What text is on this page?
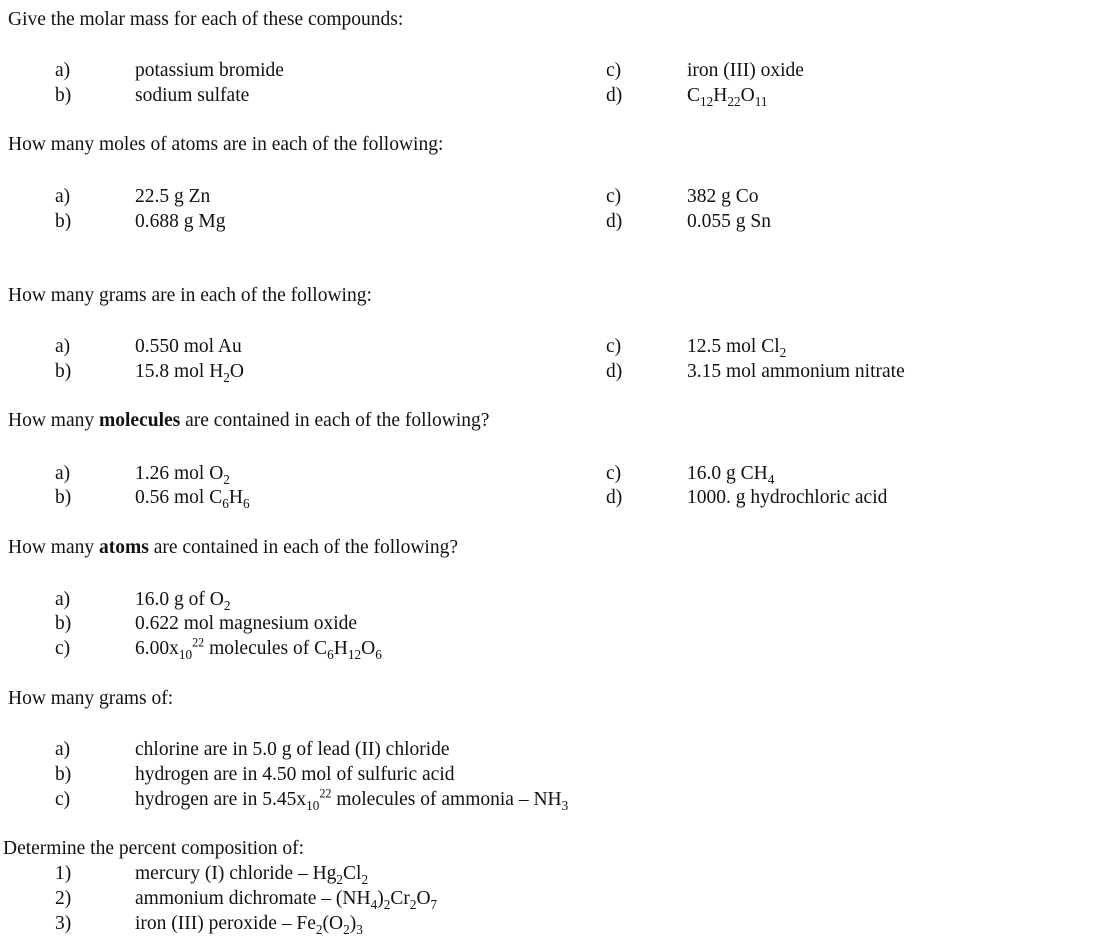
Give the molar mass for each of these compounds:
a)	potassium bromide
b)	sodium sulfate
c)	iron (III) oxide
d)	$C_{12}H_{22}O_{11}$
How many moles of atoms are in each of the following:
a)	22.5 g Zn
b)	0.688 g Mg
c)	382 g Co
d)	0.055 g Sn
How many grams are in each of the following:
a)	0.550 mol Au
b)	15.8 mol $H_2O$
c)	12.5 mol $Cl_2$
d)	3.15 mol ammonium nitrate
How many molecules are contained in each of the following?
a)	1.26 mol $O_2$
b)	0.56 mol $C_6H_6$
c)	16.0 g $CH_4$
d)	1000. g hydrochloric acid
How many atoms are contained in each of the following?
a)	16.0 g of $O_2$
b)	0.622 mol magnesium oxide
c)	$6.00x_{10}^{22}$ molecules of $C_6H_{12}O_6$
How many grams of:
a)	chlorine are in 5.0 g of lead (II) chloride
b)	hydrogen are in 4.50 mol of sulfuric acid
c)	hydrogen are in $5.45x_{10}^{22}$ molecules of ammonia – $NH_3$
Determine the percent composition of:
1)	mercury (I) chloride – $Hg_2Cl_2$
2)	ammonium dichromate – $(NH_4)_2Cr_2O_7$
3)	iron (III) peroxide – $Fe_2(O_2)_3$
